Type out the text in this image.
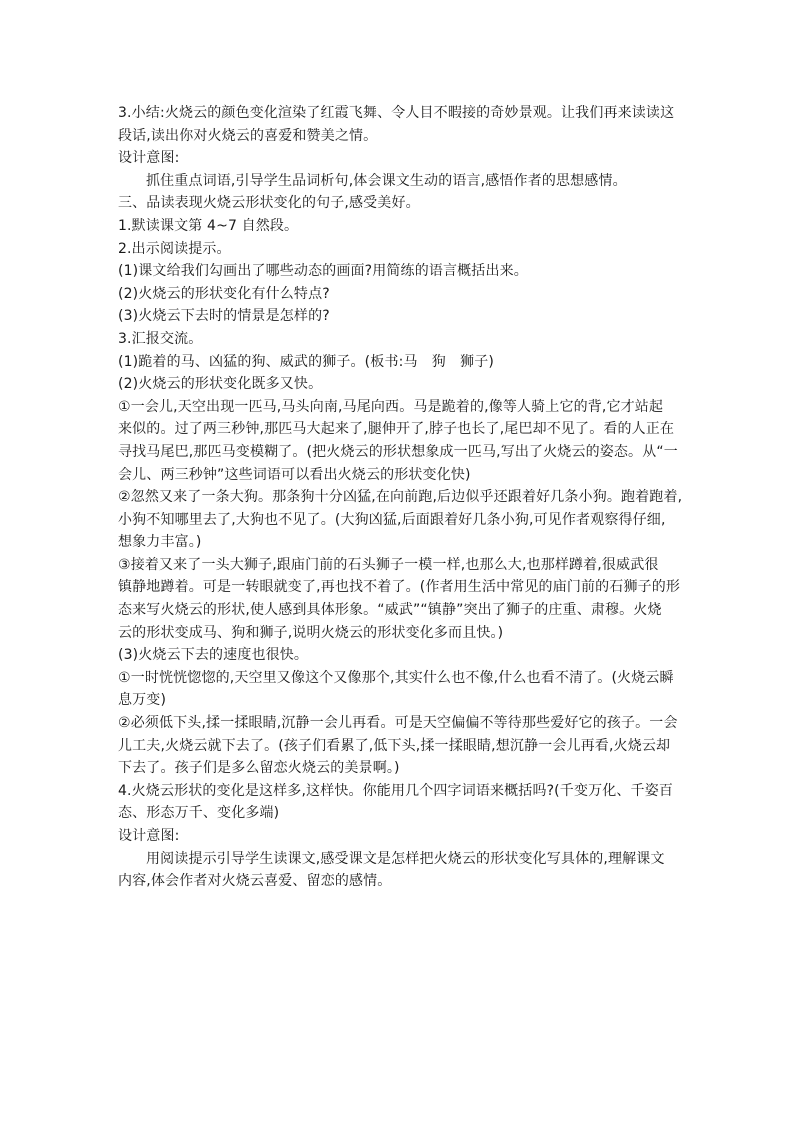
3.小结:火烧云的颜色变化渲染了红霞飞舞、令人目不暇接的奇妙景观。让我们再来读读这
段话,读出你对火烧云的喜爱和赞美之情。
设计意图:
抓住重点词语,引导学生品词析句,体会课文生动的语言,感悟作者的思想感情。
三、品读表现火烧云形状变化的句子,感受美好。
1.默读课文第 4~7 自然段。
2.出示阅读提示。
(1)课文给我们勾画出了哪些动态的画面?用简练的语言概括出来。
(2)火烧云的形状变化有什么特点?
(3)火烧云下去时的情景是怎样的?
3.汇报交流。
(1)跪着的马、凶猛的狗、威武的狮子。(板书:马　狗　狮子)
(2)火烧云的形状变化既多又快。
①一会儿,天空出现一匹马,马头向南,马尾向西。马是跪着的,像等人骑上它的背,它才站起
来似的。过了两三秒钟,那匹马大起来了,腿伸开了,脖子也长了,尾巴却不见了。看的人正在
寻找马尾巴,那匹马变模糊了。(把火烧云的形状想象成一匹马,写出了火烧云的姿态。从“一
会儿、两三秒钟”这些词语可以看出火烧云的形状变化快)
②忽然又来了一条大狗。那条狗十分凶猛,在向前跑,后边似乎还跟着好几条小狗。跑着跑着,
小狗不知哪里去了,大狗也不见了。(大狗凶猛,后面跟着好几条小狗,可见作者观察得仔细,
想象力丰富。)
③接着又来了一头大狮子,跟庙门前的石头狮子一模一样,也那么大,也那样蹲着,很威武很
镇静地蹲着。可是一转眼就变了,再也找不着了。(作者用生活中常见的庙门前的石狮子的形
态来写火烧云的形状,使人感到具体形象。“威武”“镇静”突出了狮子的庄重、肃穆。火烧
云的形状变成马、狗和狮子,说明火烧云的形状变化多而且快。)
(3)火烧云下去的速度也很快。
①一时恍恍惚惚的,天空里又像这个又像那个,其实什么也不像,什么也看不清了。(火烧云瞬
息万变)
②必须低下头,揉一揉眼睛,沉静一会儿再看。可是天空偏偏不等待那些爱好它的孩子。一会
儿工夫,火烧云就下去了。(孩子们看累了,低下头,揉一揉眼睛,想沉静一会儿再看,火烧云却
下去了。孩子们是多么留恋火烧云的美景啊。)
4.火烧云形状的变化是这样多,这样快。你能用几个四字词语来概括吗?(千变万化、千姿百
态、形态万千、变化多端)
设计意图:
用阅读提示引导学生读课文,感受课文是怎样把火烧云的形状变化写具体的,理解课文
内容,体会作者对火烧云喜爱、留恋的感情。
